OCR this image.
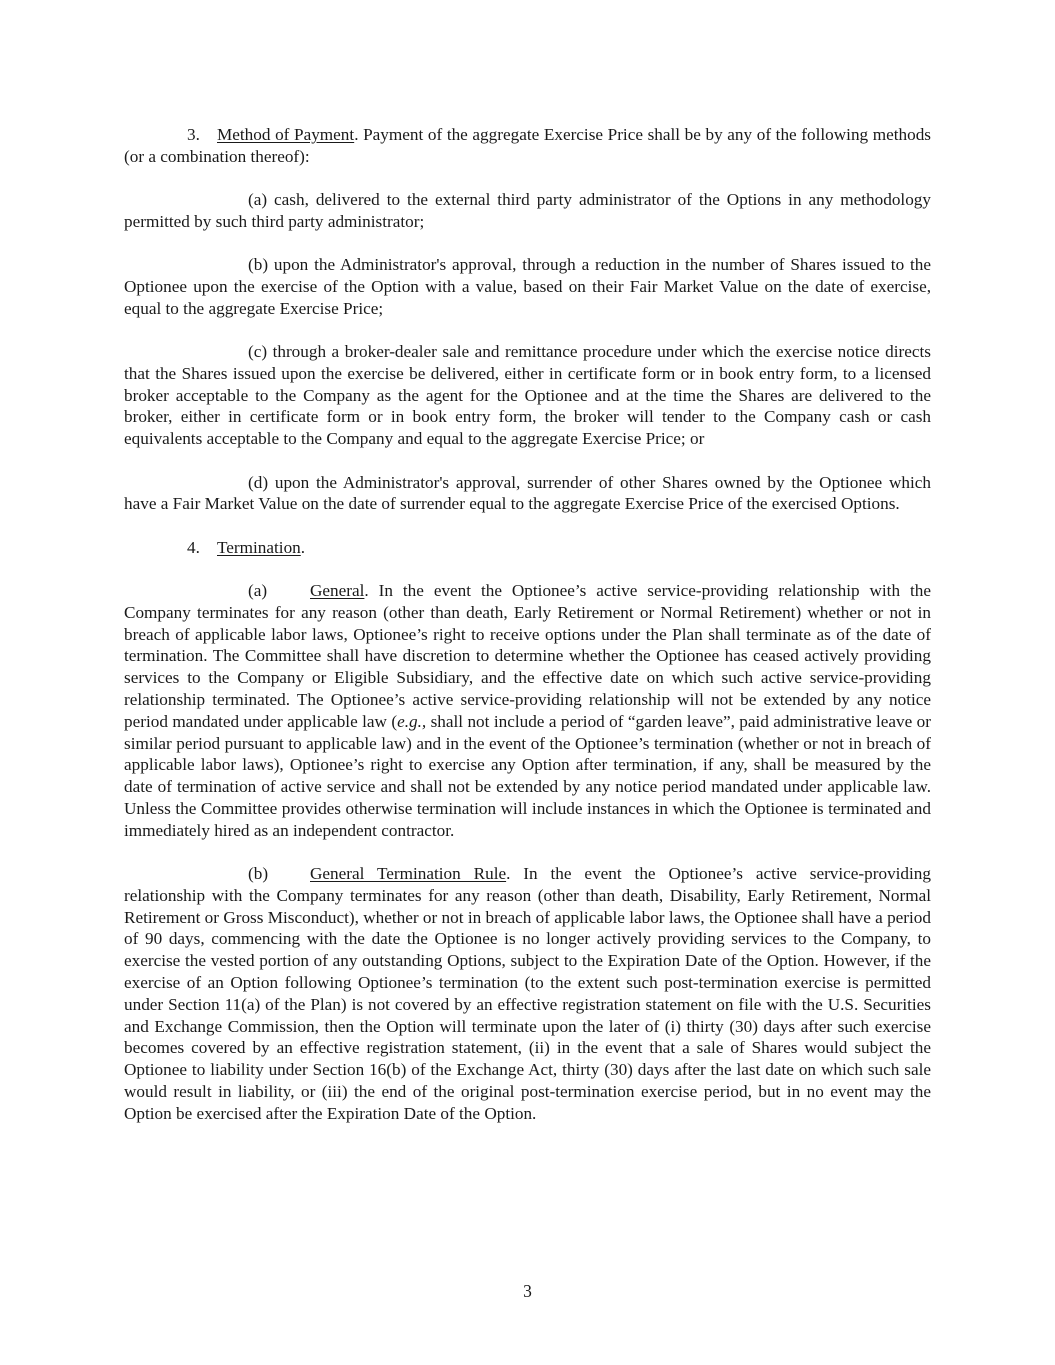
3. Method of Payment. Payment of the aggregate Exercise Price shall be by any of the following methods (or a combination thereof):

(a) cash, delivered to the external third party administrator of the Options in any methodology permitted by such third party administrator;

(b) upon the Administrator's approval, through a reduction in the number of Shares issued to the Optionee upon the exercise of the Option with a value, based on their Fair Market Value on the date of exercise, equal to the aggregate Exercise Price;

(c) through a broker-dealer sale and remittance procedure under which the exercise notice directs that the Shares issued upon the exercise be delivered, either in certificate form or in book entry form, to a licensed broker acceptable to the Company as the agent for the Optionee and at the time the Shares are delivered to the broker, either in certificate form or in book entry form, the broker will tender to the Company cash or cash equivalents acceptable to the Company and equal to the aggregate Exercise Price; or

(d) upon the Administrator's approval, surrender of other Shares owned by the Optionee which have a Fair Market Value on the date of surrender equal to the aggregate Exercise Price of the exercised Options.

4. Termination.

(a) General. In the event the Optionee’s active service-providing relationship with the Company terminates for any reason (other than death, Early Retirement or Normal Retirement) whether or not in breach of applicable labor laws, Optionee’s right to receive options under the Plan shall terminate as of the date of termination. The Committee shall have discretion to determine whether the Optionee has ceased actively providing services to the Company or Eligible Subsidiary, and the effective date on which such active service-providing relationship terminated. The Optionee’s active service-providing relationship will not be extended by any notice period mandated under applicable law (e.g., shall not include a period of “garden leave”, paid administrative leave or similar period pursuant to applicable law) and in the event of the Optionee’s termination (whether or not in breach of applicable labor laws), Optionee’s right to exercise any Option after termination, if any, shall be measured by the date of termination of active service and shall not be extended by any notice period mandated under applicable law. Unless the Committee provides otherwise termination will include instances in which the Optionee is terminated and immediately hired as an independent contractor.

(b) General Termination Rule. In the event the Optionee’s active service-providing relationship with the Company terminates for any reason (other than death, Disability, Early Retirement, Normal Retirement or Gross Misconduct), whether or not in breach of applicable labor laws, the Optionee shall have a period of 90 days, commencing with the date the Optionee is no longer actively providing services to the Company, to exercise the vested portion of any outstanding Options, subject to the Expiration Date of the Option. However, if the exercise of an Option following Optionee’s termination (to the extent such post-termination exercise is permitted under Section 11(a) of the Plan) is not covered by an effective registration statement on file with the U.S. Securities and Exchange Commission, then the Option will terminate upon the later of (i) thirty (30) days after such exercise becomes covered by an effective registration statement, (ii) in the event that a sale of Shares would subject the Optionee to liability under Section 16(b) of the Exchange Act, thirty (30) days after the last date on which such sale would result in liability, or (iii) the end of the original post-termination exercise period, but in no event may the Option be exercised after the Expiration Date of the Option.

3
